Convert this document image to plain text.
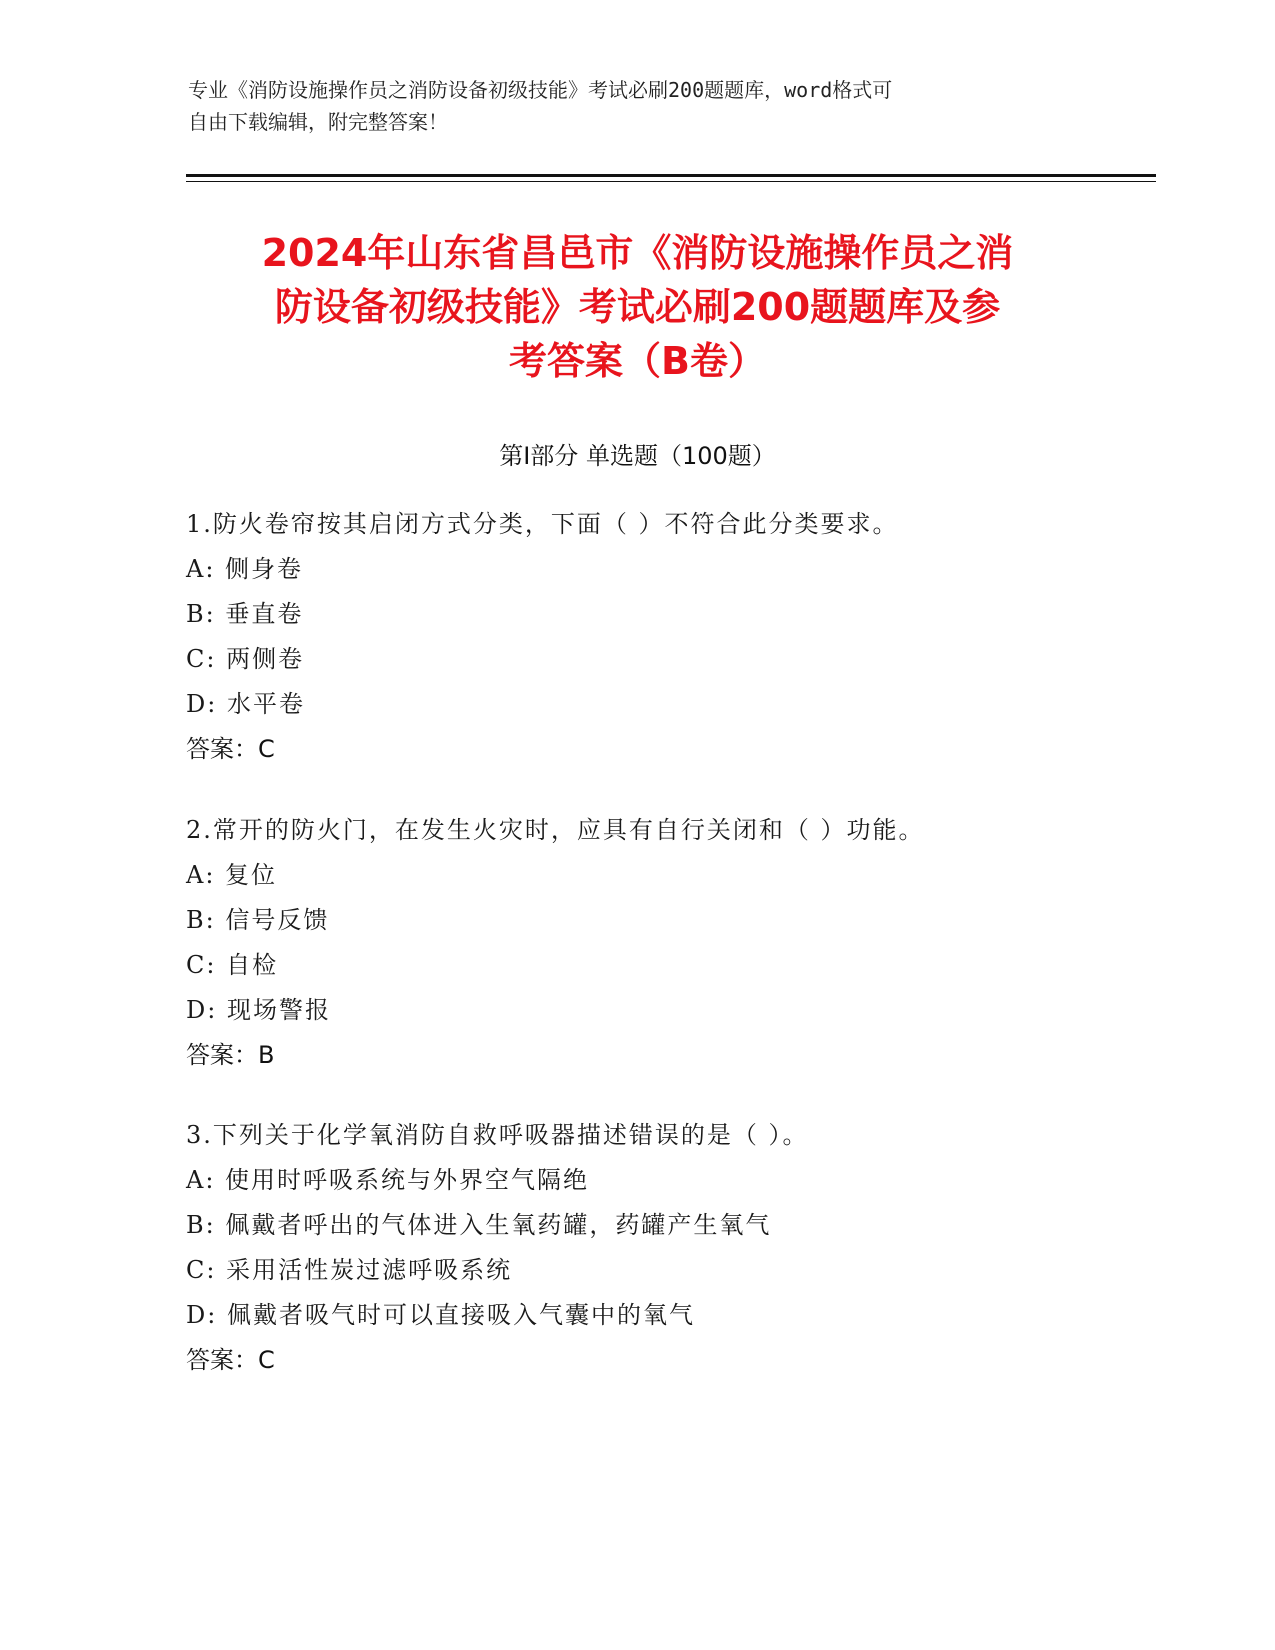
专业《消防设施操作员之消防设备初级技能》考试必刷200题题库，word格式可
自由下载编辑，附完整答案！
2024年山东省昌邑市《消防设施操作员之消
防设备初级技能》考试必刷200题题库及参
考答案（B卷）
第Ⅰ部分 单选题（100题）
1.防火卷帘按其启闭方式分类，下面（ ）不符合此分类要求。
A: 侧身卷
B: 垂直卷
C: 两侧卷
D: 水平卷
答案：C
2.常开的防火门，在发生火灾时，应具有自行关闭和（ ）功能。
A: 复位
B: 信号反馈
C: 自检
D: 现场警报
答案：B
3.下列关于化学氧消防自救呼吸器描述错误的是（ ）。
A: 使用时呼吸系统与外界空气隔绝
B: 佩戴者呼出的气体进入生氧药罐，药罐产生氧气
C: 采用活性炭过滤呼吸系统
D: 佩戴者吸气时可以直接吸入气囊中的氧气
答案：C
